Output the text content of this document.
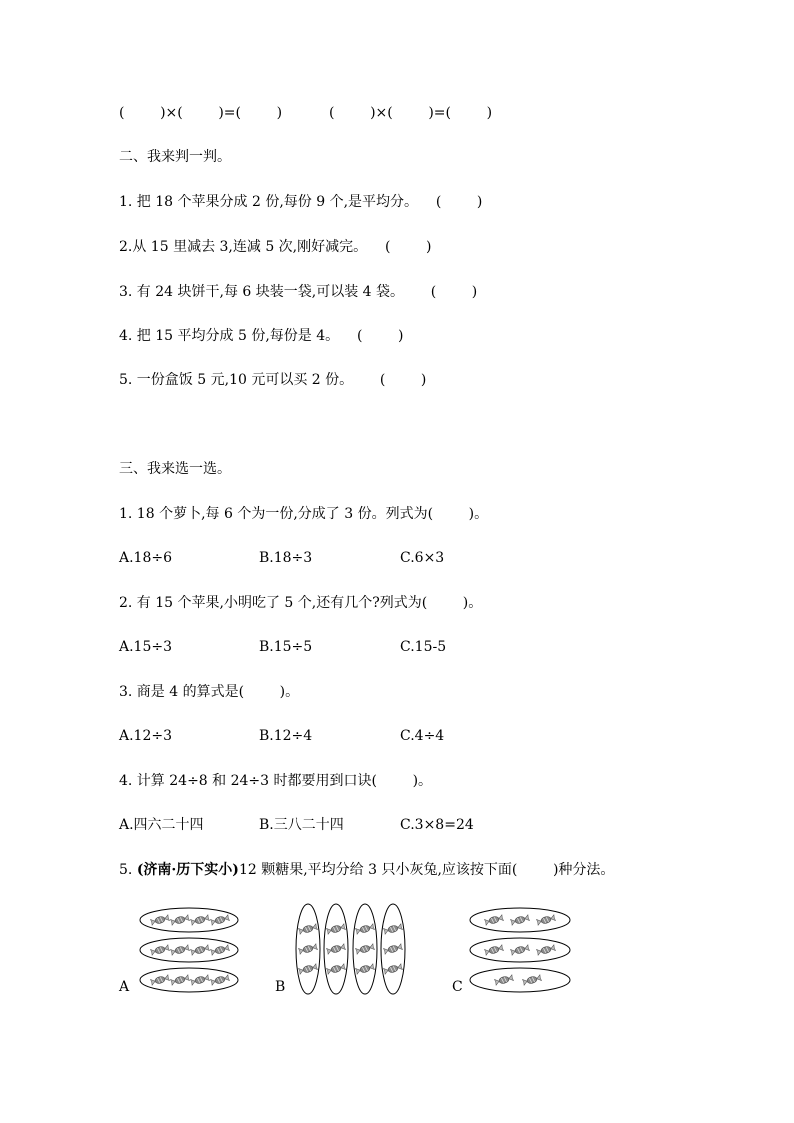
(        )×(        )=(        )	(        )×(        )=(        )
二、我来判一判。
1. 把 18 个苹果分成 2 份,每份 9 个,是平均分。    (        )
2.从 15 里减去 3,连减 5 次,刚好减完。    (        )
3. 有 24 块饼干,每 6 块装一袋,可以装 4 袋。      (        )
4. 把 15 平均分成 5 份,每份是 4。    (        )
5. 一份盒饭 5 元,10 元可以买 2 份。      (        )
三、我来选一选。
1. 18 个萝卜,每 6 个为一份,分成了 3 份。列式为(        )。
A.18÷6	B.18÷3	C.6×3
2. 有 15 个苹果,小明吃了 5 个,还有几个?列式为(        )。
A.15÷3	B.15÷5	C.15-5
3. 商是 4 的算式是(        )。
A.12÷3	B.12÷4	C.4÷4
4. 计算 24÷8 和 24÷3 时都要用到口诀(        )。
A.四六二十四	B.三八二十四	C.3×8=24
5. (济南·历下实小)12 颗糖果,平均分给 3 只小灰兔,应该按下面(        )种分法。
A	B	C
